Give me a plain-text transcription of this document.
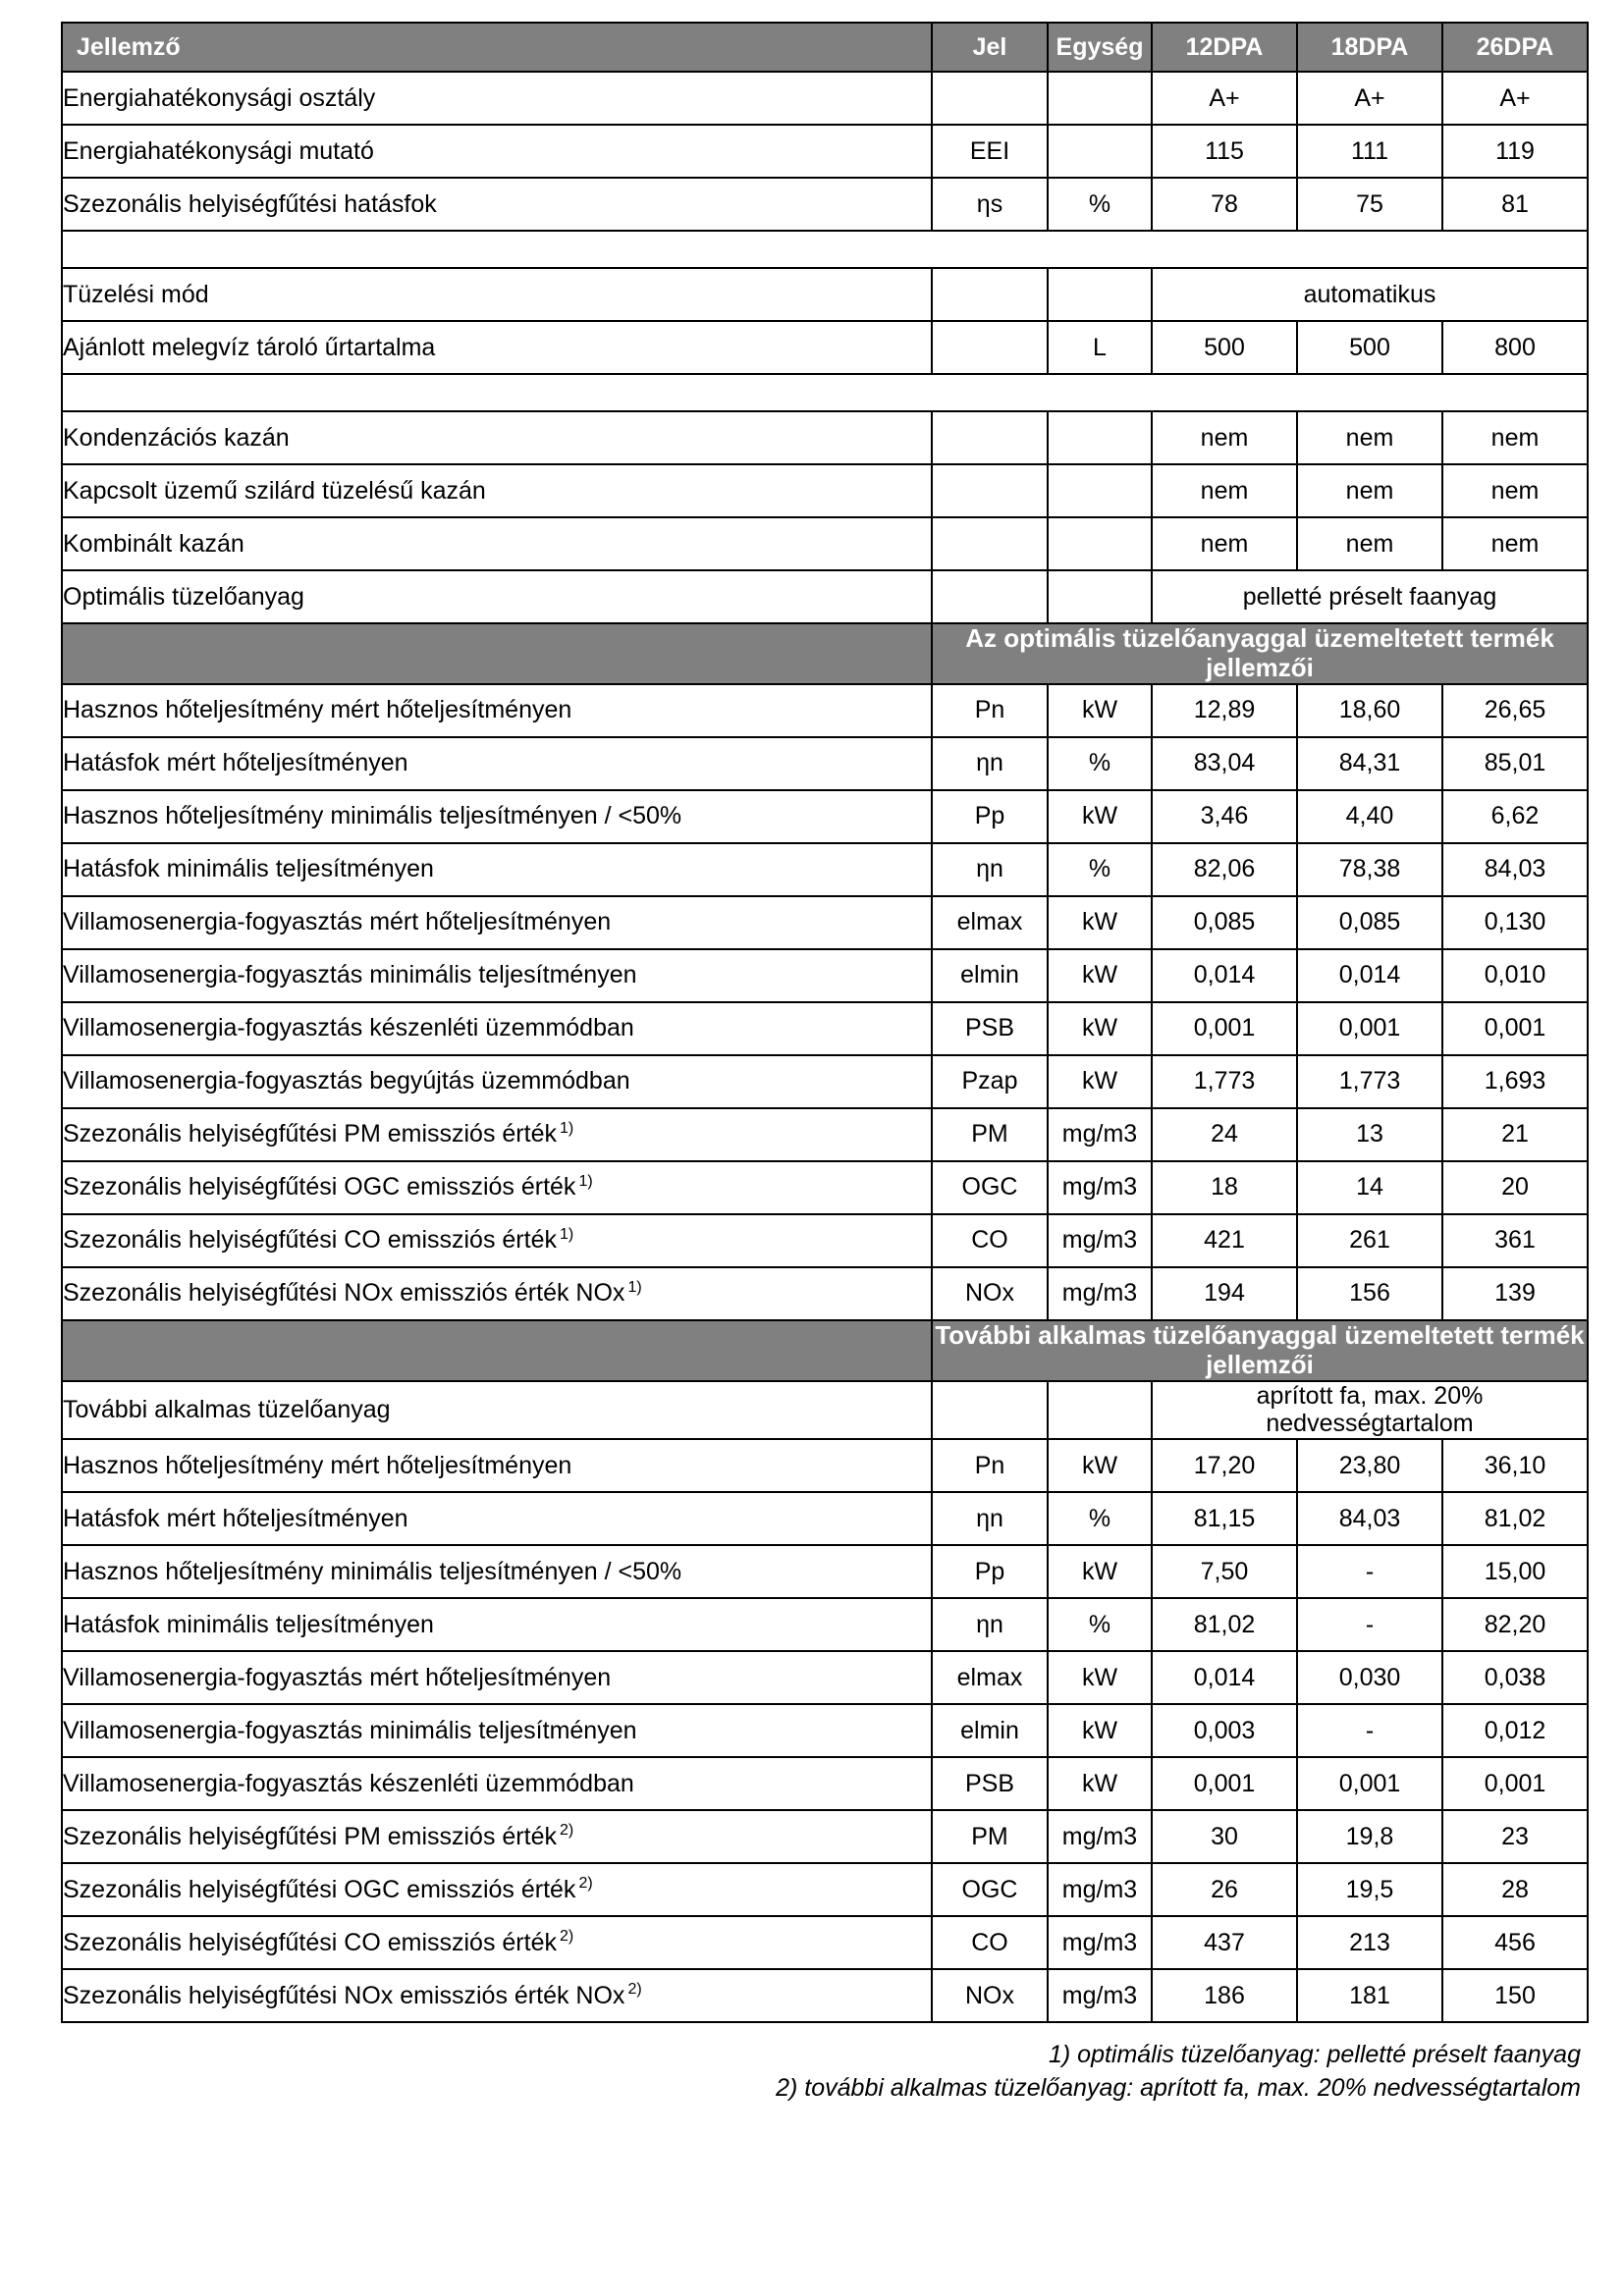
Jellemző	Jel	Egység	12DPA	18DPA	26DPA
Energiahatékonysági osztály			A+	A+	A+
Energiahatékonysági mutató	EEI		115	111	119
Szezonális helyiségfűtési hatásfok	ηs	%	78	75	81

Tüzelési mód			automatikus		
Ajánlott melegvíz tároló űrtartalma		L	500	500	800

Kondenzációs kazán			nem	nem	nem
Kapcsolt üzemű szilárd tüzelésű kazán			nem	nem	nem
Kombinált kazán			nem	nem	nem
Optimális tüzelőanyag			pelletté préselt faanyag		
	Az optimális tüzelőanyaggal üzemeltetett termék jellemzői				
Hasznos hőteljesítmény mért hőteljesítményen	Pn	kW	12,89	18,60	26,65
Hatásfok mért hőteljesítményen	ηn	%	83,04	84,31	85,01
Hasznos hőteljesítmény minimális teljesítményen / <50%	Pp	kW	3,46	4,40	6,62
Hatásfok minimális teljesítményen	ηn	%	82,06	78,38	84,03
Villamosenergia-fogyasztás mért hőteljesítményen	elmax	kW	0,085	0,085	0,130
Villamosenergia-fogyasztás minimális teljesítményen	elmin	kW	0,014	0,014	0,010
Villamosenergia-fogyasztás készenléti üzemmódban	PSB	kW	0,001	0,001	0,001
Villamosenergia-fogyasztás begyújtás üzemmódban	Pzap	kW	1,773	1,773	1,693
Szezonális helyiségfűtési PM emissziós érték $^{1)}$	PM	mg/m3	24	13	21
Szezonális helyiségfűtési OGC emissziós érték $^{1)}$	OGC	mg/m3	18	14	20
Szezonális helyiségfűtési CO emissziós érték $^{1)}$	CO	mg/m3	421	261	361
Szezonális helyiségfűtési NOx emissziós érték NOx $^{1)}$	NOx	mg/m3	194	156	139
	További alkalmas tüzelőanyaggal üzemeltetett termék jellemzői				
További alkalmas tüzelőanyag			aprított fa, max. 20% nedvességtartalom		
Hasznos hőteljesítmény mért hőteljesítményen	Pn	kW	17,20	23,80	36,10
Hatásfok mért hőteljesítményen	ηn	%	81,15	84,03	81,02
Hasznos hőteljesítmény minimális teljesítményen / <50%	Pp	kW	7,50	-	15,00
Hatásfok minimális teljesítményen	ηn	%	81,02	-	82,20
Villamosenergia-fogyasztás mért hőteljesítményen	elmax	kW	0,014	0,030	0,038
Villamosenergia-fogyasztás minimális teljesítményen	elmin	kW	0,003	-	0,012
Villamosenergia-fogyasztás készenléti üzemmódban	PSB	kW	0,001	0,001	0,001
Szezonális helyiségfűtési PM emissziós érték $^{2)}$	PM	mg/m3	30	19,8	23
Szezonális helyiségfűtési OGC emissziós érték $^{2)}$	OGC	mg/m3	26	19,5	28
Szezonális helyiségfűtési CO emissziós érték $^{2)}$	CO	mg/m3	437	213	456
Szezonális helyiségfűtési NOx emissziós érték NOx $^{2)}$	NOx	mg/m3	186	181	150
1) optimális tüzelőanyag: pelletté préselt faanyag
2) további alkalmas tüzelőanyag: aprított fa, max. 20% nedvességtartalom
